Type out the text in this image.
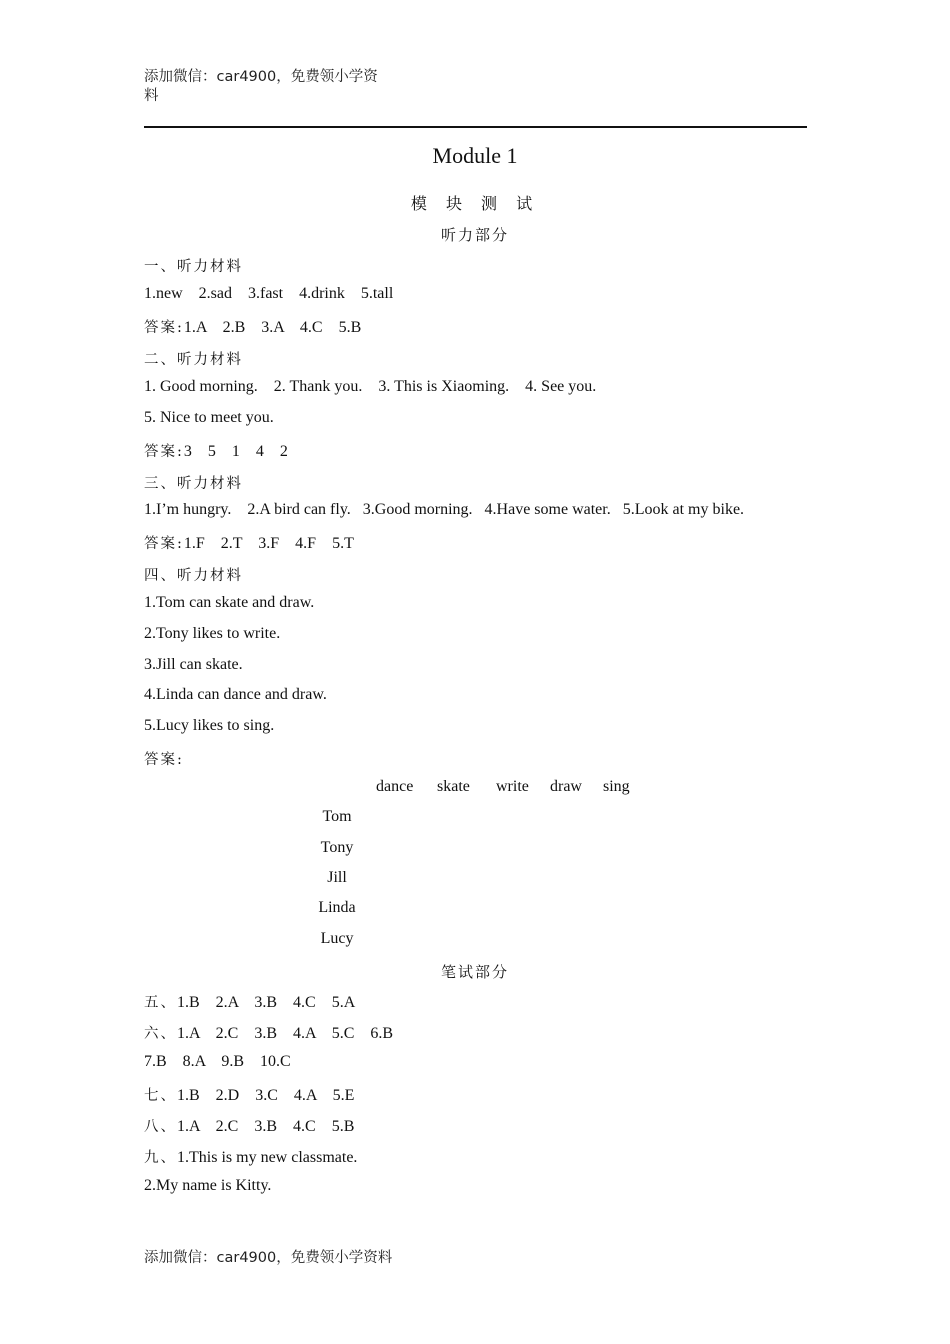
添加微信：car4900，免费领小学资料
Module 1
模 块 测 试
听力部分
一、听力材料
1.new    2.sad    3.fast    4.drink    5.tall
答案:1.A    2.B    3.A    4.C    5.B
二、听力材料
1. Good morning.    2. Thank you.    3. This is Xiaoming.    4. See you.
5. Nice to meet you.
答案:3    5    1    4    2
三、听力材料
1.I’m hungry.    2.A bird can fly.   3.Good morning.   4.Have some water.   5.Look at my bike.
答案:1.F    2.T    3.F    4.F    5.T
四、听力材料
1.Tom can skate and draw.
2.Tony likes to write.
3.Jill can skate.
4.Linda can dance and draw.
5.Lucy likes to sing.
答案:
dance skate write draw sing
Tom
Tony
Jill
Linda
Lucy
笔试部分
五、1.B    2.A    3.B    4.C    5.A
六、1.A    2.C    3.B    4.A    5.C    6.B
7.B    8.A    9.B    10.C
七、1.B    2.D    3.C    4.A    5.E
八、1.A    2.C    3.B    4.C    5.B
九、1.This is my new classmate.
2.My name is Kitty.
添加微信：car4900，免费领小学资料
